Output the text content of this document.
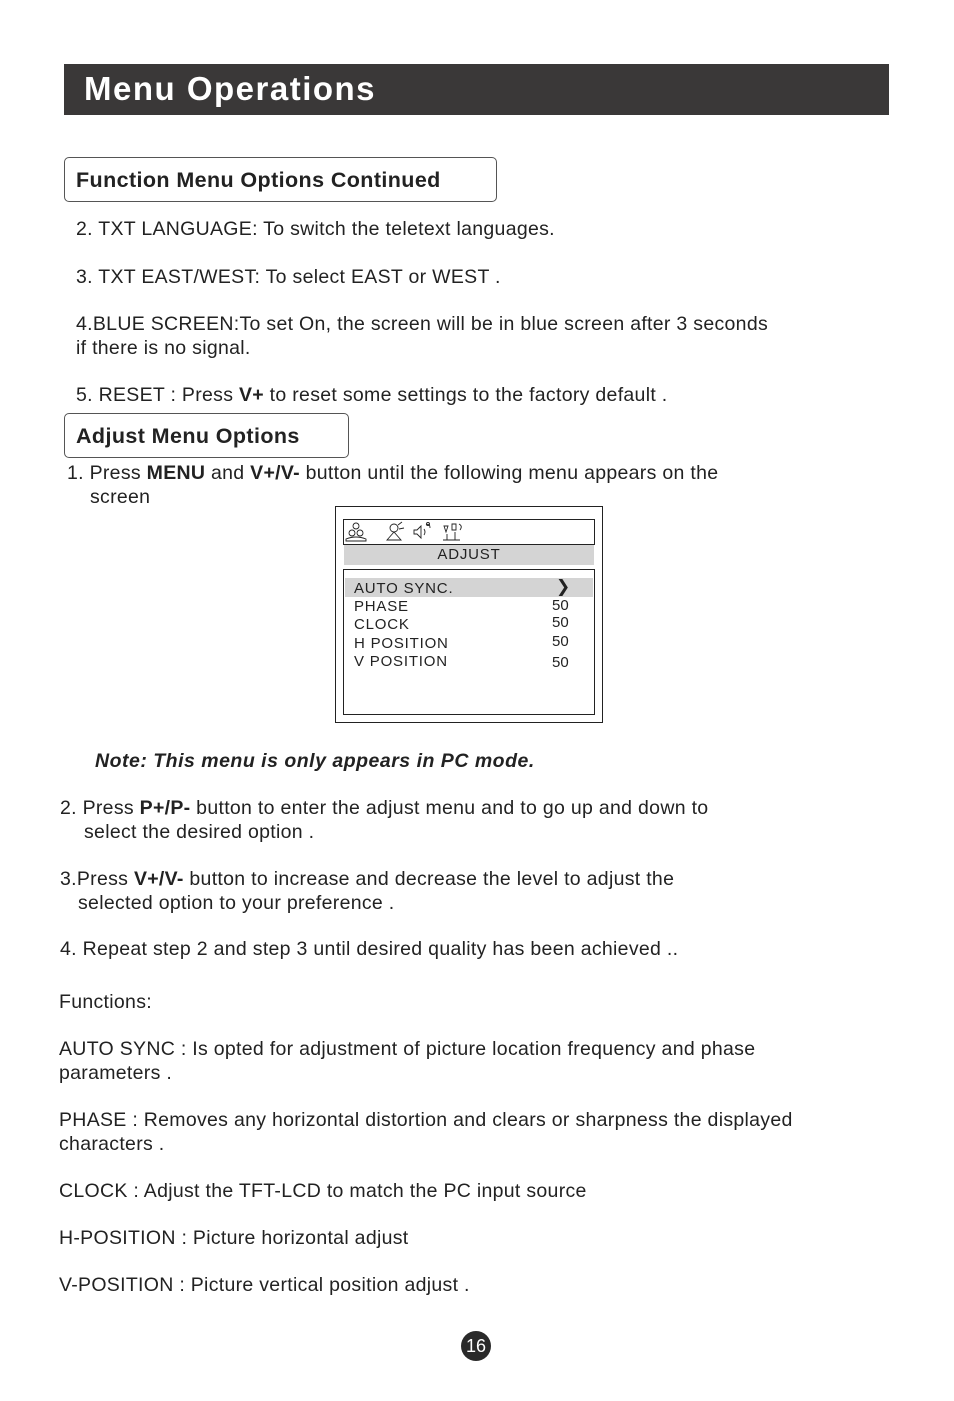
Menu Operations
Function Menu Options Continued
2. TXT LANGUAGE: To switch the teletext languages.
3. TXT EAST/WEST: To select EAST or WEST .
4.BLUE SCREEN:To set On, the screen will be in blue screen after 3 seconds
if there is no signal.
5. RESET : Press V+ to reset some settings to the factory default .
Adjust Menu Options
1. Press MENU and V+/V- button until the following menu appears on the
screen
ADJUST
AUTO SYNC.	❯
PHASE	50
CLOCK	50
H POSITION	50
V POSITION	50
Note: This menu is only appears in PC mode.
2. Press P+/P- button to enter the adjust menu and to go up and down to
select the desired option .
3.Press V+/V- button to increase and decrease the level to adjust the
selected option to your preference .
4. Repeat step 2 and step 3 until desired quality has been achieved ..
Functions:
AUTO SYNC : Is opted for adjustment of picture location frequency and phase
parameters .
PHASE : Removes any horizontal distortion and clears or sharpness the displayed
characters .
CLOCK : Adjust the TFT-LCD to match the PC input source
H-POSITION : Picture horizontal adjust
V-POSITION : Picture vertical position adjust .
16
